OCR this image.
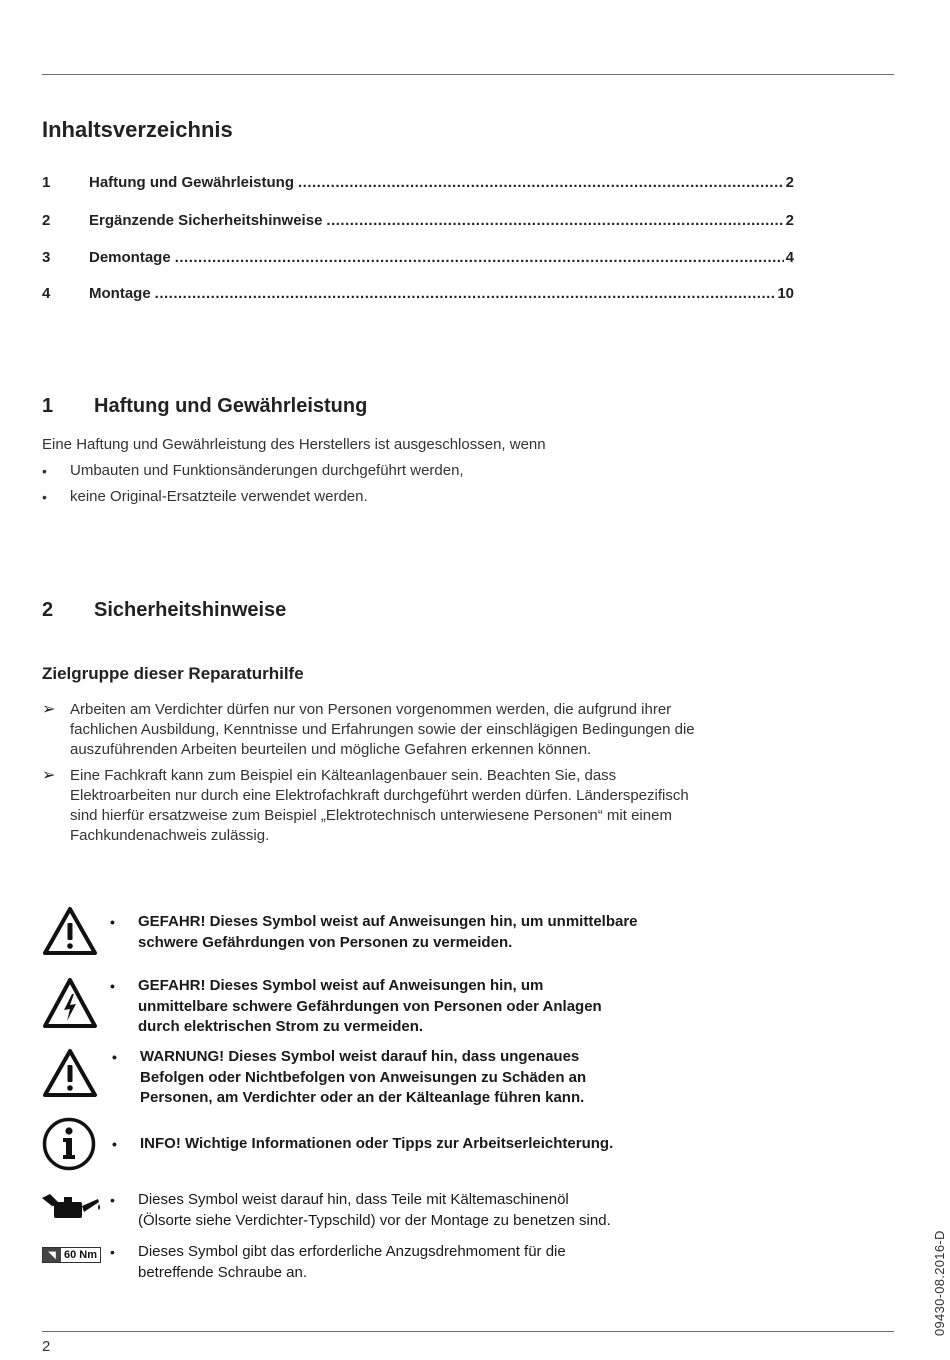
Inhaltsverzeichnis
1	Haftung und Gewährleistung .....	2
2	Ergänzende Sicherheitshinweise .....	2
3	Demontage .....	4
4	Montage .....	10
1	Haftung und Gewährleistung
Eine Haftung und Gewährleistung des Herstellers ist ausgeschlossen, wenn
•	Umbauten und Funktionsänderungen durchgeführt werden,
•	keine Original-Ersatzteile verwendet werden.
2	Sicherheitshinweise
Zielgruppe dieser Reparaturhilfe
➢ Arbeiten am Verdichter dürfen nur von Personen vorgenommen werden, die aufgrund ihrer
fachlichen Ausbildung, Kenntnisse und Erfahrungen sowie der einschlägigen Bedingungen die
auszuführenden Arbeiten beurteilen und mögliche Gefahren erkennen können.
➢ Eine Fachkraft kann zum Beispiel ein Kälteanlagenbauer sein. Beachten Sie, dass
Elektroarbeiten nur durch eine Elektrofachkraft durchgeführt werden dürfen. Länderspezifisch
sind hierfür ersatzweise zum Beispiel „Elektrotechnisch unterwiesene Personen“ mit einem
Fachkundenachweis zulässig.
•	GEFAHR! Dieses Symbol weist auf Anweisungen hin, um unmittelbare
schwere Gefährdungen von Personen zu vermeiden.
•	GEFAHR! Dieses Symbol weist auf Anweisungen hin, um
unmittelbare schwere Gefährdungen von Personen oder Anlagen
durch elektrischen Strom zu vermeiden.
•	WARNUNG! Dieses Symbol weist darauf hin, dass ungenaues
Befolgen oder Nichtbefolgen von Anweisungen zu Schäden an
Personen, am Verdichter oder an der Kälteanlage führen kann.
•	INFO! Wichtige Informationen oder Tipps zur Arbeitserleichterung.
•	Dieses Symbol weist darauf hin, dass Teile mit Kältemaschinenöl
(Ölsorte siehe Verdichter-Typschild) vor der Montage zu benetzen sind.
◥ 60 Nm •	Dieses Symbol gibt das erforderliche Anzugsdrehmoment für die
betreffende Schraube an.
2
09430-08.2016-D
